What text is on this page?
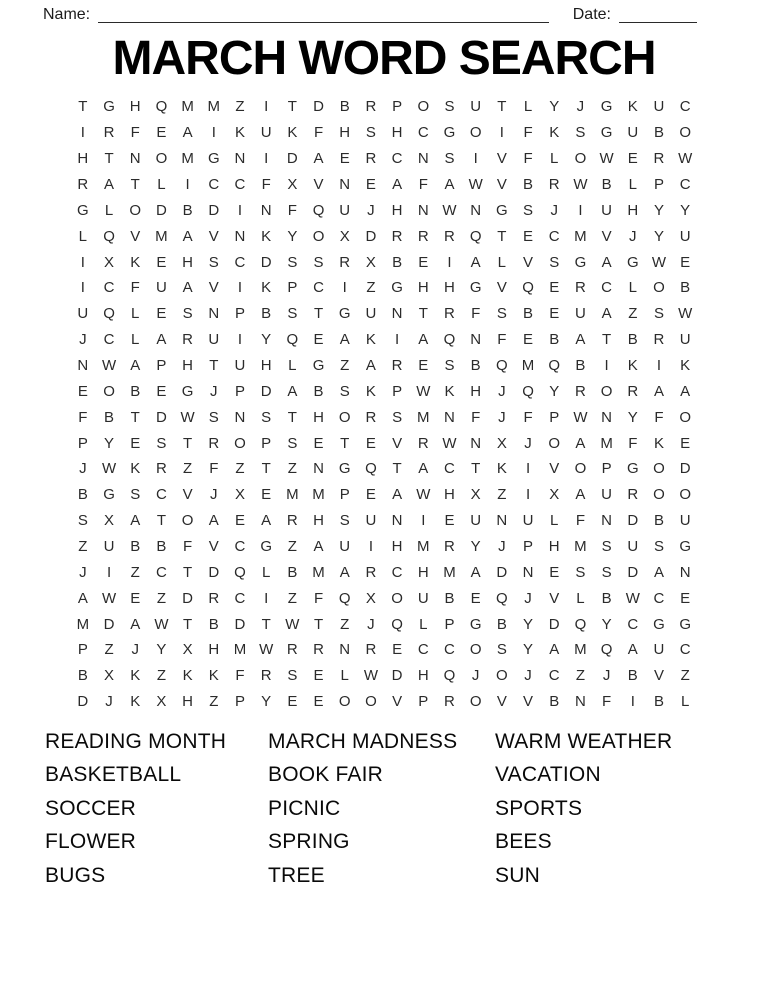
Name:	Date:
MARCH WORD SEARCH
T	G H Q M M	Z	I	T	D	B	R	P	O	S	U	T	L	Y	J	G	K	U	C
I	R	F	E	A	I	K	U	K	F	H	S	H	C G O	I	F	K	S	G U	B	O
H	T	N O M G N	I	D	A	E	R	C	N	S	I	V	F	L	O W E	R W
R	A	T	L	I	C	C	F	X	V	N	E	A	F	A W V	B	R W B	L	P	C
G	L	O D	B	D	I	N	F	Q U	J	H	N W N G	S	J	I	U	H	Y	Y
L	Q	V M A	V	N	K	Y	O	X	D	R	R	R Q	T	E	C M V	J	Y	U
I	X	K	E	H	S	C	D	S	S	R	X	B	E	I	A	L	V	S	G	A	G W E
I	C	F	U	A	V	I	K	P	C	I	Z	G H	H G	V	Q	E	R	C	L	O	B
U Q	L	E	S	N	P	B	S	T	G U	N	T	R	F	S	B	E	U	A	Z	S W
J	C	L	A	R	U	I	Y	Q	E	A	K	I	A	Q N	F	E	B	A	T	B	R	U
N W A	P	H	T	U	H	L	G	Z	A	R	E	S	B	Q M Q	B	I	K	I	K
E	O	B	E	G	J	P	D	A	B	S	K	P W K	H	J	Q	Y	R O R	A	A
F	B	T	D W S	N	S	T	H O R	S M N	F	J	F	P W N	Y	F	O
P	Y	E	S	T	R O	P	S	E	T	E	V	R W N	X	J	O	A M	F	K	E
J	W K	R	Z	F	Z	T	Z	N G Q	T	A	C	T	K	I	V	O	P	G O D
B	G	S	C	V	J	X	E M M P	E	A W H	X	Z	I	X	A	U	R O O
S	X	A	T	O	A	E	A	R	H	S	U	N	I	E	U	N	U	L	F	N	D	B	U
Z	U	B	B	F	V	C G	Z	A	U	I	H M R	Y	J	P	H M S	U	S	G
J	I	Z	C	T	D Q	L	B M A	R	C	H M A	D	N	E	S	S	D	A	N
A W E	Z	D	R	C	I	Z	F	Q	X	O U	B	E	Q	J	V	L	B W C	E
M D	A W T	B	D	T W T	Z	J	Q	L	P	G	B	Y	D Q	Y	C G G
P	Z	J	Y	X	H M W R	R	N	R	E	C	C O	S	Y	A M Q	A	U	C
B	X	K	Z	K	K	F	R	S	E	L W D	H Q	J	O	J	C	Z	J	B	V	Z
D	J	K	X	H	Z	P	Y	E	E	O O	V	P	R O	V	V	B	N	F	I	B	L
READING MONTH
BASKETBALL
SOCCER
FLOWER
BUGS
MARCH MADNESS
BOOK FAIR
PICNIC
SPRING
TREE
WARM WEATHER
VACATION
SPORTS
BEES
SUN
